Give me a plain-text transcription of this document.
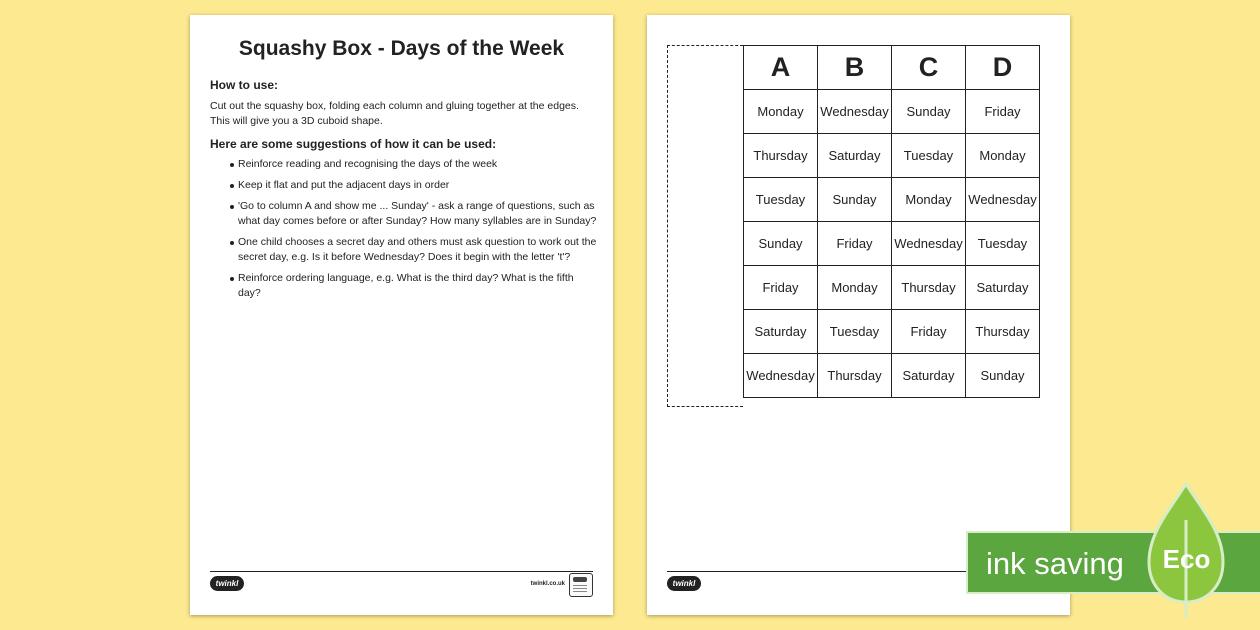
Squashy Box - Days of the Week
How to use:
Cut out the squashy box, folding each column and gluing together at the edges. This will give you a 3D cuboid shape.
Here are some suggestions of how it can be used:
Reinforce reading and recognising the days of the week
Keep it flat and put the adjacent days in order
'Go to column A and show me ... Sunday' - ask a range of questions, such as what day comes before or after Sunday? How many syllables are in Sunday?
One child chooses a secret day and others must ask question to work out the secret day, e.g. Is it before Wednesday? Does it begin with the letter 't'?
Reinforce ordering language, e.g. What is the third day? What is the fifth day?
twinkl	twinkl.co.uk
A	B	C	D
Monday	Wednesday	Sunday	Friday
Thursday	Saturday	Tuesday	Monday
Tuesday	Sunday	Monday	Wednesday
Sunday	Friday	Wednesday	Tuesday
Friday	Monday	Thursday	Saturday
Saturday	Tuesday	Friday	Thursday
Wednesday	Thursday	Saturday	Sunday
twinkl
ink saving Eco
